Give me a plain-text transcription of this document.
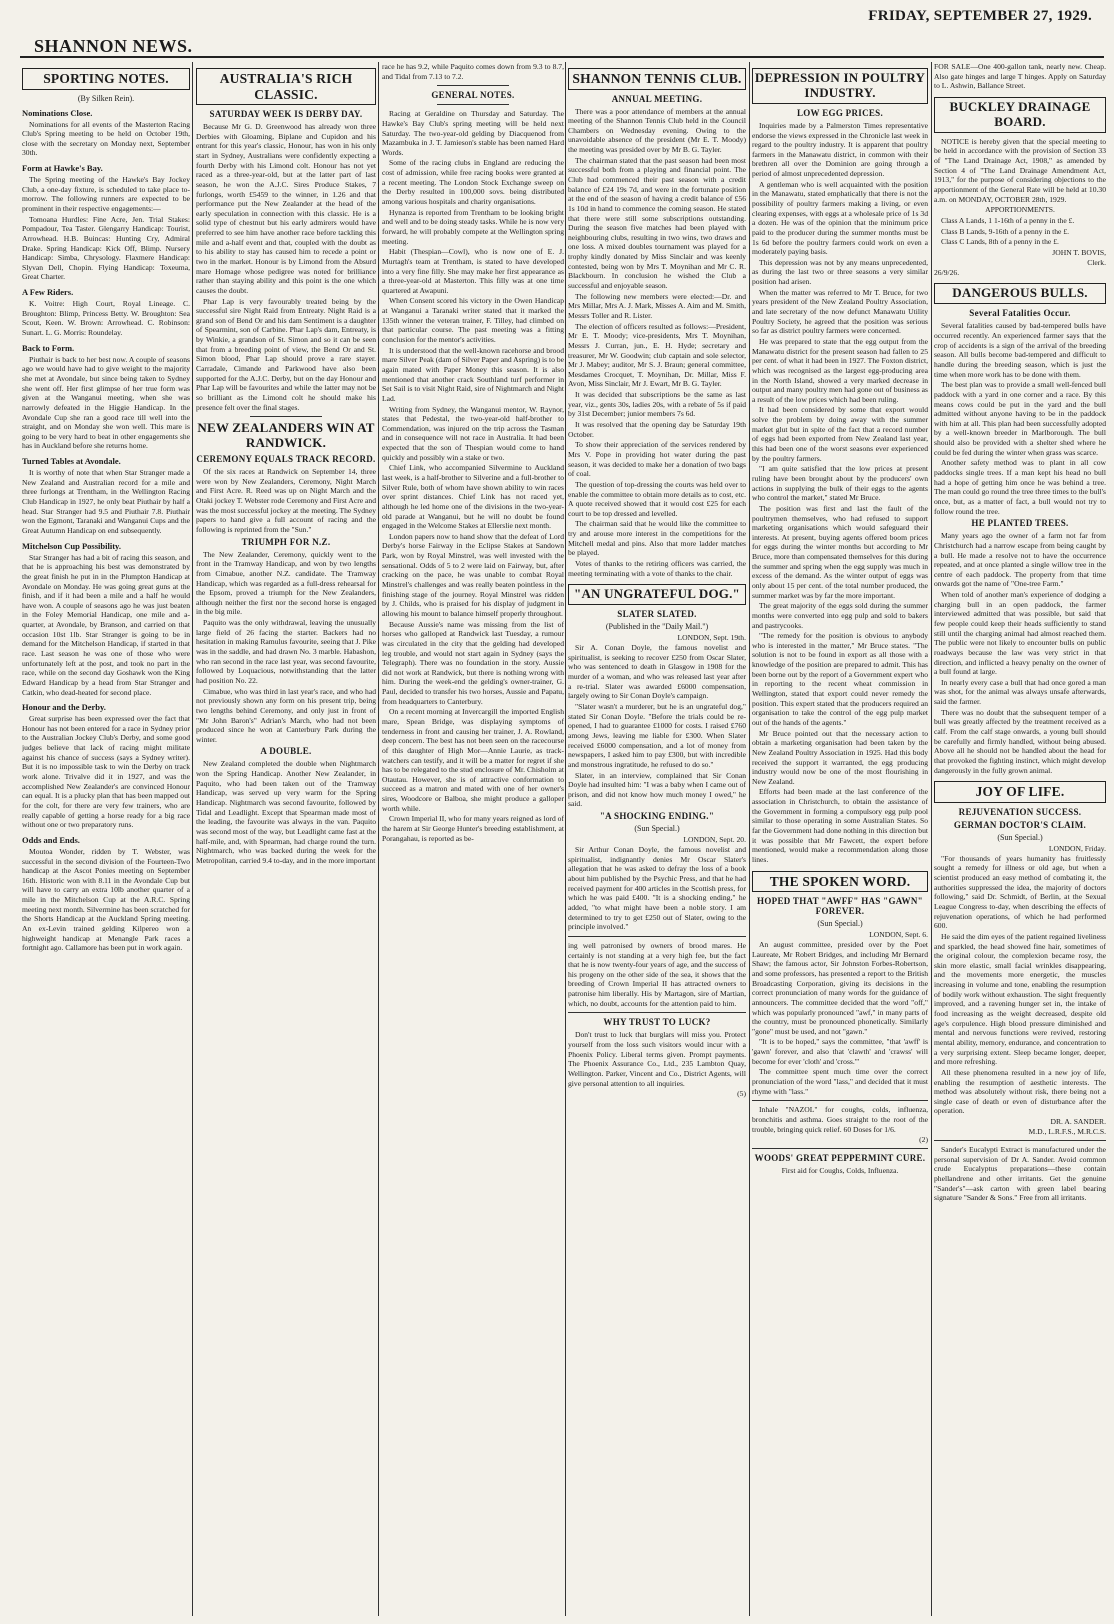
FRIDAY, SEPTEMBER 27, 1929.
SHANNON NEWS.
SPORTING NOTES.
(By Silken Rein).
Nominations Close.

Nominations for all events of the Masterton Racing Club's Spring meeting to be held on October 19th, close with the secretary on Monday next, September 30th.

Form at Hawke's Bay.

The Spring meeting of the Hawke's Bay Jockey Club, a one-day fixture, is scheduled to take place to-morrow. The following runners are expected to be prominent in their respective engagements:—

Tomoana Hurdles: Fine Acre, Jen. Trial Stakes: Pompadour, Tea Taster. Glengarry Handicap: Tourist, Arrowhead. H.B. Buincas: Hunting Cry, Admiral Drake. Spring Handicap: Kick Off, Blimp. Nursery Handicap: Simba, Chrysology. Flaxmere Handicap: Slyvan Dell, Chopin. Flying Handicap: Toxeuma, Great Charter.

A Few Riders.

K. Voitre: High Court, Royal Lineage. C. Broughton: Blimp, Princess Betty. W. Broughton: Sea Scout, Keen. W. Brown: Arrowhead. C. Robinson: Sunart. L. G. Morris: Roundelay.

Back to Form.

Piuthair is back to her best now. A couple of seasons ago we would have had to give weight to the majority she met at Avondale, but since being taken to Sydney she went off. Her first glimpse of her true form was given at the Wanganui meeting, when she was narrowly defeated in the Higgie Handicap. In the Avondale Cup she ran a good race till well into the straight, and on Monday she won well. This mare is going to be very hard to beat in other engagements she has in Auckland before she returns home.

Turned Tables at Avondale.

It is worthy of note that when Star Stranger made a New Zealand and Australian record for a mile and three furlongs at Trentham, in the Wellington Racing Club Handicap in 1927, he only beat Piuthair by half a head. Star Stranger had 9.5 and Piuthair 7.8. Piuthair won the Egmont, Taranaki and Wanganui Cups and the Great Autumn Handicap on end subsequently.

Mitchelson Cup Possibility.

Star Stranger has had a bit of racing this season, and that he is approaching his best was demonstrated by the great finish he put in in the Plumpton Handicap at Avondale on Monday. He was going great guns at the finish, and if it had been a mile and a half he would have won. A couple of seasons ago he was just beaten in the Foley Memorial Handicap, one mile and a-quarter, at Avondale, by Branson, and carried on that occasion 10st 1lb. Star Stranger is going to be in demand for the Mitchelson Handicap, if started in that race. Last season he was one of those who were unfortunately left at the post, and took no part in the race, while on the second day Goshawk won the King Edward Handicap by a head from Star Stranger and Catkin, who dead-heated for second place.

Honour and the Derby.

Great surprise has been expressed over the fact that Honour has not been entered for a race in Sydney prior to the Australian Jockey Club's Derby, and some good judges believe that lack of racing might militate against his chance of success (says a Sydney writer). But it is no impossible task to win the Derby on track work alone. Trivalve did it in 1927, and was the accomplished New Zealander's are convinced Honour can equal. It is a plucky plan that has been mapped out for the colt, for there are very few trainers, who are really capable of getting a horse ready for a big race without one or two preparatory runs.

Odds and Ends.

Moutoa Wonder, ridden by T. Webster, was successful in the second division of the Fourteen-Two handicap at the Ascot Ponies meeting on September 16th. Historic won with 8.11 in the Avondale Cup but will have to carry an extra 10lb another quarter of a mile in the Mitchelson Cup at the A.R.C. Spring meeting next month. Silvermine has been scratched for the Shorts Handicap at the Auckland Spring meeting. An ex-Levin trained gelding Kilpereo won a highweight handicap at Menangle Park races a fortnight ago. Callamore has been put in work again.

AUSTRALIA'S RICH CLASSIC.
SATURDAY WEEK IS DERBY DAY.

Because Mr G. D. Greenwood has already won three Derbies with Gloaming, Biplane and Cupidon and his entrant for this year's classic, Honour, has won in his only start in Sydney, Australians were confidently expecting a fourth Derby with his Limond colt. Honour has not yet raced as a three-year-old, but at the latter part of last season, he won the A.J.C. Sires Produce Stakes, 7 furlongs, worth £5459 to the winner, in 1.26 and that performance put the New Zealander at the head of the early speculation in connection with this classic. He is a solid type of chestnut but his early admirers would have preferred to see him have another race before tackling this mile and a-half event and that, coupled with the doubt as to his ability to stay has caused him to recede a point or two in the market. Honour is by Limond from the Absurd mare Homage whose pedigree was noted for brilliance rather than staying ability and this point is the one which causes the doubt.

Phar Lap is very favourably treated being by the successful sire Night Raid from Entreaty. Night Raid is a grand son of Bend Or and his dam Sentiment is a daughter of Spearmint, son of Carbine. Phar Lap's dam, Entreaty, is by Winkie, a grandson of St. Simon and so it can be seen that from a breeding point of view, the Bend Or and St. Simon blood, Phar Lap should prove a rare stayer. Carradale, Cimande and Parkwood have also been supported for the A.J.C. Derby, but on the day Honour and Phar Lap will be favourites and while the latter may not be so brilliant as the Limond colt he should make his presence felt over the final stages.

NEW ZEALANDERS WIN AT RANDWICK.
CEREMONY EQUALS TRACK RECORD.

Of the six races at Randwick on September 14, three were won by New Zealanders, Ceremony, Night March and First Acre. R. Reed was up on Night March and the Otaki jockey T. Webster rode Ceremony and First Acre and was the most successful jockey at the meeting. The Sydney papers to hand give a full account of racing and the following is reprinted from the "Sun."

TRIUMPH FOR N.Z.

The New Zealander, Ceremony, quickly went to the front in the Tramway Handicap, and won by two lengths from Cimabue, another N.Z. candidate. The Tramway Handicap, which was regarded as a full-dress rehearsal for the Epsom, proved a triumph for the New Zealanders, although neither the first nor the second horse is engaged in the big mile.

Paquito was the only withdrawal, leaving the unusually large field of 26 facing the starter. Backers had no hesitation in making Ramulus favourite, seeing that J. Pike was in the saddle, and had drawn No. 3 marble. Habashon, who ran second in the race last year, was second favourite, followed by Loquacious, notwithstanding that the latter had position No. 22.

Cimabue, who was third in last year's race, and who had not previously shown any form on his present trip, being two lengths behind Ceremony, and only just in front of "Mr John Baron's" Adrian's March, who had not been produced since he won at Canterbury Park during the winter.

A DOUBLE.

New Zealand completed the double when Nightmarch won the Spring Handicap. Another New Zealander, in Paquito, who had been taken out of the Tramway Handicap, was served up very warm for the Spring Handicap. Nightmarch was second favourite, followed by Tidal and Leadlight. Except that Spearman made most of the leading, the favourite was always in the van. Paquito was second most of the way, but Leadlight came fast at the half-mile, and, with Spearman, had charge round the turn. Nightmarch, who was backed during the week for the Metropolitan, carried 9.4 to-day, and in the more important

race he has 9.2, while Paquito comes down from 9.3 to 8.7, and Tidal from 7.13 to 7.2.

GENERAL NOTES.

Racing at Geraldine on Thursday and Saturday. The Hawke's Bay Club's spring meeting will be held next Saturday. The two-year-old gelding by Diacquenod from Mazambuka in J. T. Jamieson's stable has been named Hard Words.

Some of the racing clubs in England are reducing the cost of admission, while free racing books were granted at a recent meeting. The London Stock Exchange sweep on the Derby resulted in 100,000 sovs. being distributed among various hospitals and charity organisations.

Hynanza is reported from Trentham to be looking bright and well and to be doing steady tasks. While he is now very forward, he will probably compete at the Wellington spring meeting.

Habit (Thespian—Cowl), who is now one of E. J. Murtagh's team at Trentham, is stated to have developed into a very fine filly. She may make her first appearance as a three-year-old at Masterton. This filly was at one time quartered at Awapuni.

When Consent scored his victory in the Owen Handicap at Wanganui a Taranaki writer stated that it marked the 135th winner the veteran trainer, F. Tilley, had climbed on that particular course. The past meeting was a fitting conclusion for the mentor's activities.

It is understood that the well-known racehorse and brood mare Silver Peak (dam of Silver Paper and Aspring) is to be again mated with Paper Money this season. It is also mentioned that another crack Southland turf performer in Set Sail is to visit Night Raid, sire of Nightmarch and Night Lad.

Writing from Sydney, the Wanganui mentor, W. Raynor, states that Pedestal, the two-year-old half-brother to Commendation, was injured on the trip across the Tasman and in consequence will not race in Australia. It had been expected that the son of Thespian would come to hand quickly and possibly win a stake or two.

Chief Link, who accompanied Silvermine to Auckland last week, is a half-brother to Silverine and a full-brother to Silver Rule, both of whom have shown ability to win races over sprint distances. Chief Link has not raced yet, although he led home one of the divisions in the two-year-old parade at Wanganui, but he will no doubt be found engaged in the Welcome Stakes at Ellerslie next month.

London papers now to hand show that the defeat of Lord Derby's horse Fairway in the Eclipse Stakes at Sandown Park, won by Royal Minstrel, was well invested with the sensational. Odds of 5 to 2 were laid on Fairway, but, after cracking on the pace, he was unable to combat Royal Minstrel's challenges and was really beaten pointless in the finishing stage of the journey. Royal Minstrel was ridden by J. Childs, who is praised for his display of judgment in allowing his mount to balance himself properly throughout.

Because Aussie's name was missing from the list of horses who galloped at Randwick last Tuesday, a rumour was circulated in the city that the gelding had developed leg trouble, and would not start again in Sydney (says the Telegraph). There was no foundation in the story. Aussie did not work at Randwick, but there is nothing wrong with him. During the week-end the gelding's owner-trainer, G. Paul, decided to transfer his two horses, Aussie and Papatu, from headquarters to Canterbury.

On a recent morning at Invercargill the imported English mare, Spean Bridge, was displaying symptoms of tenderness in front and causing her trainer, J. A. Rowland, deep concern. The best has not been seen on the racecourse of this daughter of High Mor—Annie Laurie, as track-watchers can testify, and it will be a matter for regret if she has to be relegated to the stud enclosure of Mr. Chisholm at Otautau. However, she is of attractive conformation to succeed as a matron and mated with one of her owner's sires, Woodcore or Balboa, she might produce a galloper worth while.

Crown Imperial II, who for many years reigned as lord of the harem at Sir George Hunter's breeding establishment, at Porangahau, is reported as be-

SHANNON TENNIS CLUB.
ANNUAL MEETING.

There was a poor attendance of members at the annual meeting of the Shannon Tennis Club held in the Council Chambers on Wednesday evening. Owing to the unavoidable absence of the president (Mr E. T. Moody) the meeting was presided over by Mr B. G. Tayler.

The chairman stated that the past season had been most successful both from a playing and financial point. The Club had commenced their past season with a credit balance of £24 19s 7d, and were in the fortunate position at the end of the season of having a credit balance of £56 1s 10d in hand to commence the coming season. He stated that there were still some subscriptions outstanding. During the season five matches had been played with neighbouring clubs, resulting in two wins, two draws and one loss. A mixed doubles tournament was played for a trophy kindly donated by Miss Sinclair and was keenly contested, being won by Mrs T. Moynihan and Mr C. R. Blackbourn. In conclusion he wished the Club a successful and enjoyable season.

The following new members were elected:—Dr. and Mrs Millar, Mrs A. J. Mark, Misses A. Aim and M. Smith, Messrs Toller and R. Lister.

The election of officers resulted as follows:—President, Mr E. T. Moody; vice-presidents, Mrs T. Moynihan, Messrs J. Curran, jun., E. H. Hyde; secretary and treasurer, Mr W. Goodwin; club captain and sole selector, Mr J. Mabey; auditor, Mr S. J. Braun; general committee, Mesdames Crocquet, T. Moynihan, Dr. Millar, Miss F. Avon, Miss Sinclair, Mr J. Ewart, Mr B. G. Tayler.

It was decided that subscriptions be the same as last year, viz., gents 30s, ladies 20s, with a rebate of 5s if paid by 31st December; junior members 7s 6d.

It was resolved that the opening day be Saturday 19th October.

To show their appreciation of the services rendered by Mrs V. Pope in providing hot water during the past season, it was decided to make her a donation of two bags of coal.

The question of top-dressing the courts was held over to enable the committee to obtain more details as to cost, etc. A quote received showed that it would cost £25 for each court to be top dressed and levelled.

The chairman said that he would like the committee to try and arouse more interest in the competitions for the Mitchell medal and pins. Also that more ladder matches be played.

Votes of thanks to the retiring officers was carried, the meeting terminating with a vote of thanks to the chair.

"AN UNGRATEFUL DOG."
SLATER SLATED.
(Published in the "Daily Mail.")
LONDON, Sept. 19th.

Sir A. Conan Doyle, the famous novelist and spiritualist, is seeking to recover £250 from Oscar Slater, who was sentenced to death in Glasgow in 1908 for the murder of a woman, and who was released last year after a re-trial. Slater was awarded £6000 compensation, largely owing to Sir Conan Doyle's campaign.

"Slater wasn't a murderer, but he is an ungrateful dog," stated Sir Conan Doyle. "Before the trials could be re-opened, I had to guarantee £1000 for costs. I raised £760 among Jews, leaving me liable for £300. When Slater received £6000 compensation, and a lot of money from newspapers, I asked him to pay £300, but with incredible and monstrous ingratitude, he refused to do so."

Slater, in an interview, complained that Sir Conan Doyle had insulted him: "I was a baby when I came out of prison, and did not know how much money I owed," he said.

"A SHOCKING ENDING."
(Sun Special.)
LONDON, Sept. 20.

Sir Arthur Conan Doyle, the famous novelist and spiritualist, indignantly denies Mr Oscar Slater's allegation that he was asked to defray the loss of a book about him published by the Psychic Press, and that he had received payment for 400 articles in the Scottish press, for which he was paid £400. "It is a shocking ending," he added, "to what might have been a noble story. I am determined to try to get £250 out of Slater, owing to the principle involved."

ing well patronised by owners of brood mares. He certainly is not standing at a very high fee, but the fact that he is now twenty-four years of age, and the success of his progeny on the other side of the sea, it shows that the breeding of Crown Imperial II has attracted owners to patronise him liberally. His by Martagon, sire of Martian, which, no doubt, accounts for the attention paid to him.

WHY TRUST TO LUCK?

Don't trust to luck that burglars will miss you. Protect yourself from the loss such visitors would incur with a Phoenix Policy. Liberal terms given. Prompt payments. The Phoenix Assurance Co., Ltd., 235 Lambton Quay, Wellington. Parker, Vincent and Co., District Agents, will give personal attention to all inquiries.

(5)
DEPRESSION IN POULTRY INDUSTRY.
LOW EGG PRICES.

Inquiries made by a Palmerston Times representative endorse the views expressed in the Chronicle last week in regard to the poultry industry. It is apparent that poultry farmers in the Manawatu district, in common with their brethren all over the Dominion are going through a period of almost unprecedented depression.

A gentleman who is well acquainted with the position in the Manawatu, stated emphatically that there is not the possibility of poultry farmers making a living, or even clearing expenses, with eggs at a wholesale price of 1s 3d a dozen. He was of the opinion that the minimum price paid to the producer during the summer months must be 1s 6d before the poultry farmers could work on even a moderately paying basis.

This depression was not by any means unprecedented, as during the last two or three seasons a very similar position had arisen.

When the matter was referred to Mr T. Bruce, for two years president of the New Zealand Poultry Association, and late secretary of the now defunct Manawatu Utility Poultry Society, he agreed that the position was serious so far as district poultry farmers were concerned.

He was prepared to state that the egg output from the Manawatu district for the present season had fallen to 25 per cent. of what it had been in 1927. The Foxton district, which was recognised as the largest egg-producing area in the North Island, showed a very marked decrease in output and many poultry men had gone out of business as a result of the low prices which had been ruling.

It had been considered by some that export would solve the problem by doing away with the summer market glut but in spite of the fact that a record number of eggs had been exported from New Zealand last year, this had been one of the worst seasons ever experienced by the poultry farmers.

"I am quite satisfied that the low prices at present ruling have been brought about by the producers' own actions in supplying the bulk of their eggs to the agents who control the market," stated Mr Bruce.

The position was first and last the fault of the poultrymen themselves, who had refused to support marketing organisations which would safeguard their interests. At present, buying agents offered boom prices for eggs during the winter months but according to Mr Bruce, more than compensated themselves for this during the summer and spring when the egg supply was much in excess of the demand. As the winter output of eggs was only about 15 per cent. of the total number produced, the summer market was by far the more important.

The great majority of the eggs sold during the summer months were converted into egg pulp and sold to bakers and pastrycooks.

"The remedy for the position is obvious to anybody who is interested in the matter," Mr Bruce states. "The solution is not to be found in export as all those with a knowledge of the position are prepared to admit. This has been borne out by the report of a Government expert who in reporting to the recent wheat commission in Wellington, stated that export could never remedy the position. This expert stated that the producers required an organisation to take the control of the egg pulp market out of the hands of the agents."

Mr Bruce pointed out that the necessary action to obtain a marketing organisation had been taken by the New Zealand Poultry Association in 1925. Had this body received the support it warranted, the egg producing industry would now be one of the most flourishing in New Zealand.

Efforts had been made at the last conference of the association in Christchurch, to obtain the assistance of the Government in forming a compulsory egg pulp pool similar to those operating in some Australian States. So far the Government had done nothing in this direction but it was possible that Mr Fawcett, the expert before mentioned, would make a recommendation along those lines.

THE SPOKEN WORD.
HOPED THAT "AWFF" HAS "GAWN" FOREVER.
(Sun Special.)
LONDON, Sept. 6.

An august committee, presided over by the Poet Laureate, Mr Robert Bridges, and including Mr Bernard Shaw; the famous actor, Sir Johnston Forbes-Robertson, and some professors, has presented a report to the British Broadcasting Corporation, giving its decisions in the correct pronunciation of many words for the guidance of announcers. The committee decided that the word "off," which was popularly pronounced "awf," in many parts of the country, must be pronounced phonetically. Similarly "gone" must be used, and not "gawn."

"It is to be hoped," says the committee, "that 'awff' is 'gawn' forever, and also that 'clawth' and 'crawss' will become for ever 'cloth' and 'cross.'"

The committee spent much time over the correct pronunciation of the word "lass," and decided that it must rhyme with "lass."

Inhale "NAZOL" for coughs, colds, influenza, bronchitis and asthma. Goes straight to the root of the trouble, bringing quick relief. 60 Doses for 1/6.

(2)
WOODS' GREAT PEPPERMINT CURE.

First aid for Coughs, Colds, Influenza.

FOR SALE—One 400-gallon tank, nearly new. Cheap. Also gate hinges and large T hinges. Apply on Saturday to L. Ashwin, Ballance Street.

BUCKLEY DRAINAGE BOARD.

NOTICE is hereby given that the special meeting to be held in accordance with the provision of Section 33 of "The Land Drainage Act, 1908," as amended by Section 4 of "The Land Drainage Amendment Act, 1913," for the purpose of considering objections to the apportionment of the General Rate will be held at 10.30 a.m. on MONDAY, OCTOBER 28th, 1929.

APPORTIONMENTS.

Class A Lands, 1 1-16th of a penny in the £.

Class B Lands, 9-16th of a penny in the £.

Class C Lands, 8th of a penny in the £.

JOHN T. BOVIS,
Clerk.

26/9/26.

DANGEROUS BULLS.
Several Fatalities Occur.

Several fatalities caused by bad-tempered bulls have occurred recently. An experienced farmer says that the crop of accidents is a sign of the arrival of the breeding season. All bulls become bad-tempered and difficult to handle during the breeding season, which is just the time when more work has to be done with them.

The best plan was to provide a small well-fenced bull paddock with a yard in one corner and a race. By this means cows could be put in the yard and the bull admitted without anyone having to be in the paddock with him at all. This plan had been successfully adopted by a well-known breeder in Marlborough. The bull should also be provided with a shelter shed where he could be fed during the winter when grass was scarce.

Another safety method was to plant in all cow paddocks single trees. If a man kept his head no bull had a hope of getting him once he was behind a tree. The man could go round the tree three times to the bull's once, but, as a matter of fact, a bull would not try to follow round the tree.

HE PLANTED TREES.

Many years ago the owner of a farm not far from Christchurch had a narrow escape from being caught by a bull. He made a resolve not to have the occurrence repeated, and at once planted a single willow tree in the centre of each paddock. The property from that time onwards got the name of "One-tree Farm."

When told of another man's experience of dodging a charging bull in an open paddock, the farmer interviewed admitted that was possible, but said that few people could keep their heads sufficiently to stand still until the charging animal had almost reached them. The public were not likely to encounter bulls on public roadways because the law was very strict in that direction, and inflicted a heavy penalty on the owner of a bull found at large.

In nearly every case a bull that had once gored a man was shot, for the animal was always unsafe afterwards, said the farmer.

There was no doubt that the subsequent temper of a bull was greatly affected by the treatment received as a calf. From the calf stage onwards, a young bull should be carefully and firmly handled, without being abused. Above all he should not be handled about the head for that provoked the fighting instinct, which might develop dangerously in the fully grown animal.

JOY OF LIFE.
REJUVENATION SUCCESS.
GERMAN DOCTOR'S CLAIM.
(Sun Special.)
LONDON, Friday.

"For thousands of years humanity has fruitlessly sought a remedy for illness or old age, but when a scientist produced an easy method of combating it, the authorities suppressed the idea, the majority of doctors following," said Dr. Schmidt, of Berlin, at the Sexual League Congress to-day, when describing the effects of rejuvenation operations, of which he had performed 600.

He said the dim eyes of the patient regained liveliness and sparkled, the head showed fine hair, sometimes of the original colour, the complexion became rosy, the skin more elastic, small facial wrinkles disappearing, and the movements more energetic, the muscles increasing in volume and tone, enabling the resumption of bodily work without exhaustion. The sight frequently improved, and a ravening hunger set in, the intake of food increasing as the weight decreased, despite old age's corpulence. High blood pressure diminished and mental and nervous functions were revived, restoring mental ability, memory, endurance, and concentration to a very surprising extent. Sleep became longer, deeper, and more refreshing.

All these phenomena resulted in a new joy of life, enabling the resumption of aesthetic interests. The method was absolutely without risk, there being not a single case of death or even of disturbance after the operation.

DR. A. SANDER.
M.D., L.R.F.S., M.R.C.S.

Sander's Eucalypti Extract is manufactured under the personal supervision of Dr A. Sander. Avoid common crude Eucalyptus preparations—these contain phellandrene and other irritants. Get the genuine "Sander's"—ask carton with green label bearing signature "Sander & Sons." Free from all irritants.
